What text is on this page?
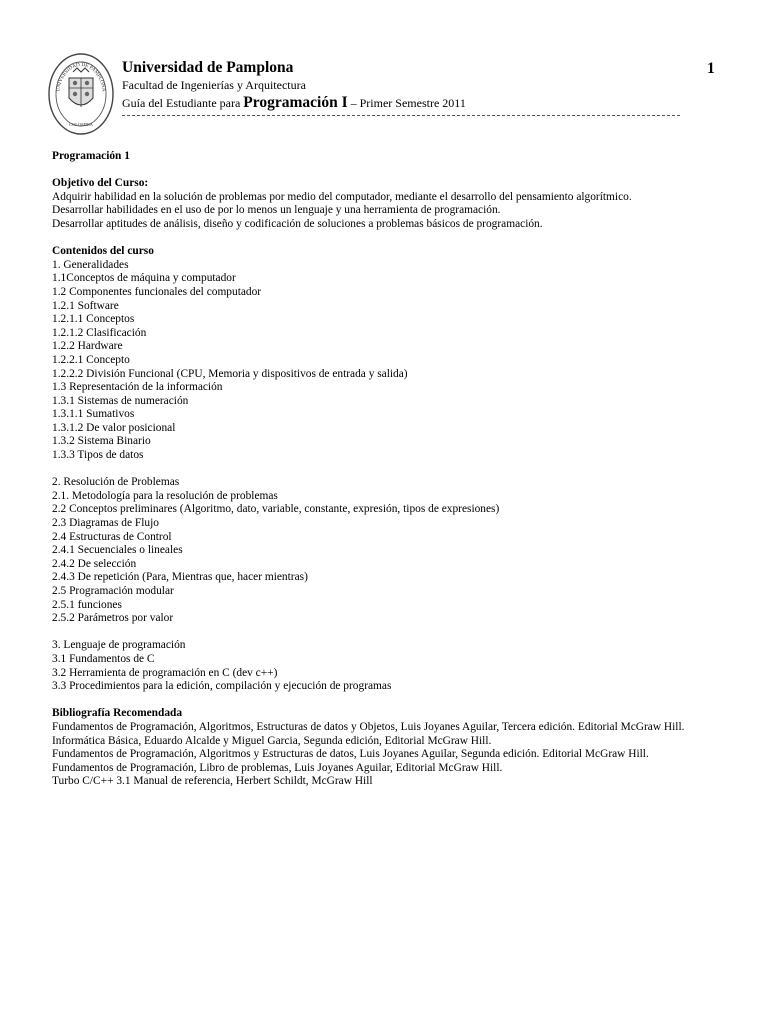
UNIVERSIDAD DE PAMPLONA
COLOMBIA
Universidad de Pamplona
Facultad de Ingenierías y Arquitectura
Guía del Estudiante para Programación I – Primer Semestre 2011
1
Programación 1
Objetivo del Curso:
Adquirir habilidad en la solución de problemas por medio del computador, mediante el desarrollo del pensamiento algorítmico.
Desarrollar habilidades en el uso de por lo menos un lenguaje y una herramienta de programación.
Desarrollar aptitudes de análisis, diseño y codificación de soluciones a problemas básicos de programación.
Contenidos del curso
1. Generalidades
1.1Conceptos de máquina y computador
1.2 Componentes funcionales del computador
1.2.1 Software
1.2.1.1 Conceptos
1.2.1.2 Clasificación
1.2.2 Hardware
1.2.2.1 Concepto
1.2.2.2 División Funcional (CPU, Memoria y dispositivos de entrada y salida)
1.3 Representación de la información
1.3.1 Sistemas de numeración
1.3.1.1 Sumativos
1.3.1.2 De valor posicional
1.3.2 Sistema Binario
1.3.3 Tipos de datos
2. Resolución de Problemas
2.1. Metodología para la resolución de problemas
2.2 Conceptos preliminares (Algoritmo, dato, variable, constante, expresión, tipos de expresiones)
2.3 Diagramas de Flujo
2.4 Estructuras de Control
2.4.1 Secuenciales o lineales
2.4.2 De selección
2.4.3 De repetición (Para, Mientras que, hacer mientras)
2.5 Programación modular
2.5.1 funciones
2.5.2 Parámetros por valor
3. Lenguaje de programación
3.1 Fundamentos de C
3.2 Herramienta de programación en C (dev c++)
3.3 Procedimientos para la edición, compilación y ejecución de programas
Bibliografía Recomendada
Fundamentos de Programación, Algoritmos, Estructuras de datos y Objetos, Luis Joyanes Aguilar, Tercera edición. Editorial McGraw Hill.
Informática Básica, Eduardo Alcalde y Miguel Garcia, Segunda edición, Editorial McGraw Hill.
Fundamentos de Programación, Algoritmos y Estructuras de datos, Luis Joyanes Aguilar, Segunda edición. Editorial McGraw Hill.
Fundamentos de Programación, Libro de problemas, Luis Joyanes Aguilar, Editorial McGraw Hill.
Turbo C/C++ 3.1 Manual de referencia, Herbert Schildt, McGraw Hill
